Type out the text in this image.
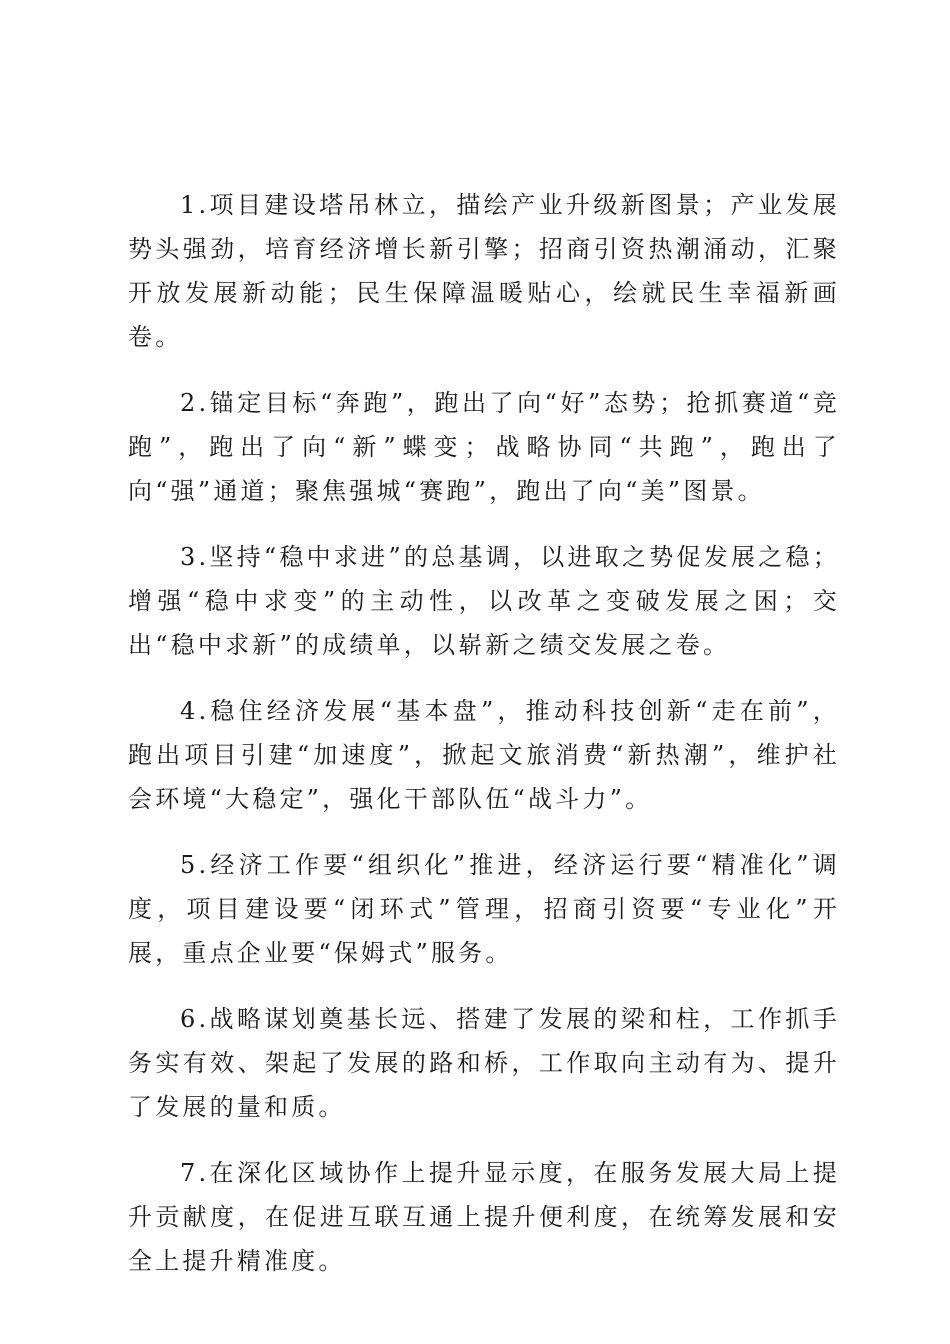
1.项目建设塔吊林立，描绘产业升级新图景；产业发展势头强劲，培育经济增长新引擎；招商引资热潮涌动，汇聚开放发展新动能；民生保障温暖贴心，绘就民生幸福新画卷。

2.锚定目标“奔跑”，跑出了向“好”态势；抢抓赛道“竞跑”，跑出了向“新”蝶变；战略协同“共跑”，跑出了向“强”通道；聚焦强城“赛跑”，跑出了向“美”图景。

3.坚持“稳中求进”的总基调，以进取之势促发展之稳；增强“稳中求变”的主动性，以改革之变破发展之困；交出“稳中求新”的成绩单，以崭新之绩交发展之卷。

4.稳住经济发展“基本盘”，推动科技创新“走在前”，跑出项目引建“加速度”，掀起文旅消费“新热潮”，维护社会环境“大稳定”，强化干部队伍“战斗力”。

5.经济工作要“组织化”推进，经济运行要“精准化”调度，项目建设要“闭环式”管理，招商引资要“专业化”开展，重点企业要“保姆式”服务。

6.战略谋划奠基长远、搭建了发展的梁和柱，工作抓手务实有效、架起了发展的路和桥，工作取向主动有为、提升了发展的量和质。

7.在深化区域协作上提升显示度，在服务发展大局上提升贡献度，在促进互联互通上提升便利度，在统筹发展和安全上提升精准度。
